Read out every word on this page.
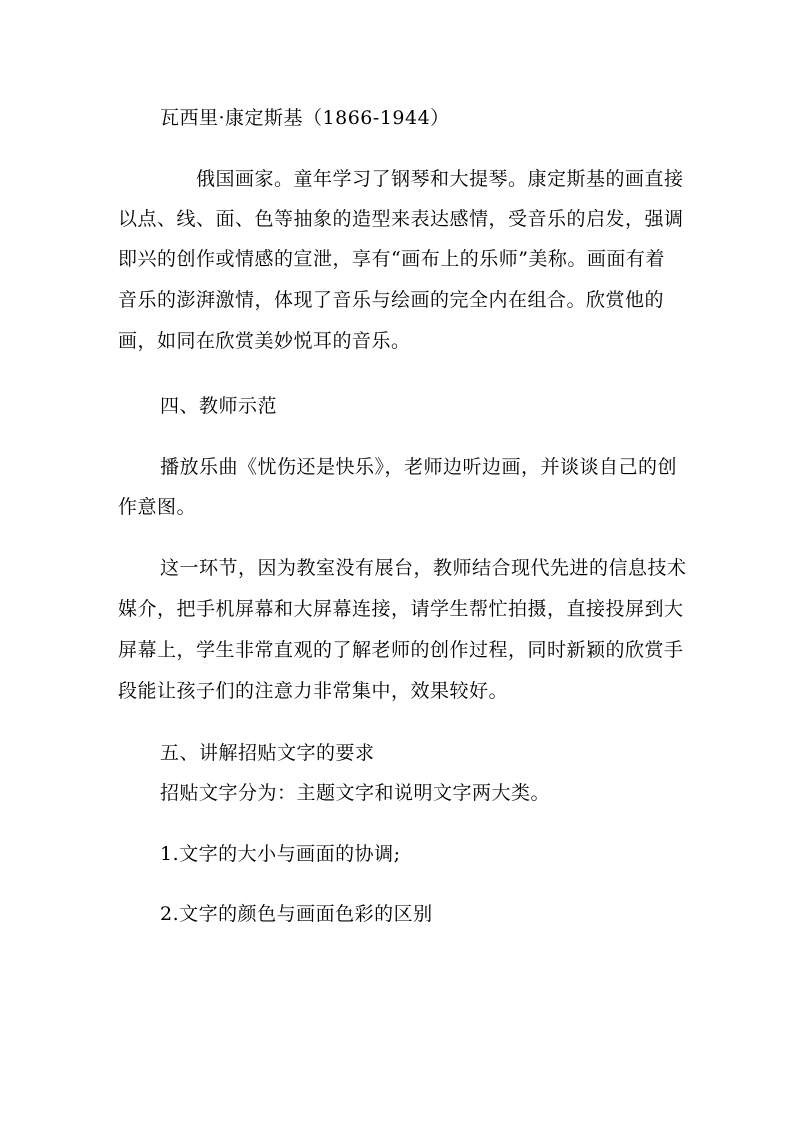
瓦西里·康定斯基（1866-1944）
俄国画家。童年学习了钢琴和大提琴。康定斯基的画直接
以点、线、面、色等抽象的造型来表达感情，受音乐的启发，强调
即兴的创作或情感的宣泄，享有“画布上的乐师”美称。画面有着
音乐的澎湃激情，体现了音乐与绘画的完全内在组合。欣赏他的
画，如同在欣赏美妙悦耳的音乐。
四、教师示范
播放乐曲《忧伤还是快乐》，老师边听边画，并谈谈自己的创
作意图。
这一环节，因为教室没有展台，教师结合现代先进的信息技术
媒介，把手机屏幕和大屏幕连接，请学生帮忙拍摄，直接投屏到大
屏幕上，学生非常直观的了解老师的创作过程，同时新颖的欣赏手
段能让孩子们的注意力非常集中，效果较好。
五、讲解招贴文字的要求
招贴文字分为：主题文字和说明文字两大类。
1.文字的大小与画面的协调;
2.文字的颜色与画面色彩的区别
